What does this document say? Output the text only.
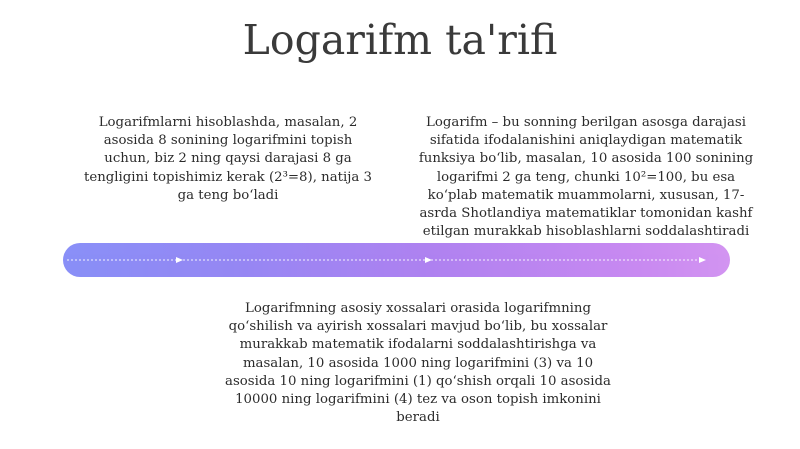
Logarifm ta'rifi

Logarifmlarni hisoblashda, masalan, 2 asosida 8 sonining logarifmini topish uchun, biz 2 ning qaysi darajasi 8 ga tengligini topishimiz kerak (2³=8), natija 3 ga teng bo‘ladi

Logarifm – bu sonning berilgan asosga darajasi sifatida ifodalanishini aniqlaydigan matematik funksiya bo‘lib, masalan, 10 asosida 100 sonining logarifmi 2 ga teng, chunki 10²=100, bu esa ko‘plab matematik muammolarni, xususan, 17-asrda Shotlandiya matematiklar tomonidan kashf etilgan murakkab hisoblashlarni soddalashtiradi

Logarifmning asosiy xossalari orasida logarifmning qo‘shilish va ayirish xossalari mavjud bo‘lib, bu xossalar murakkab matematik ifodalarni soddalashtirishga va masalan, 10 asosida 1000 ning logarifmini (3) va 10 asosida 10 ning logarifmini (1) qo‘shish orqali 10 asosida 10000 ning logarifmini (4) tez va oson topish imkonini beradi
